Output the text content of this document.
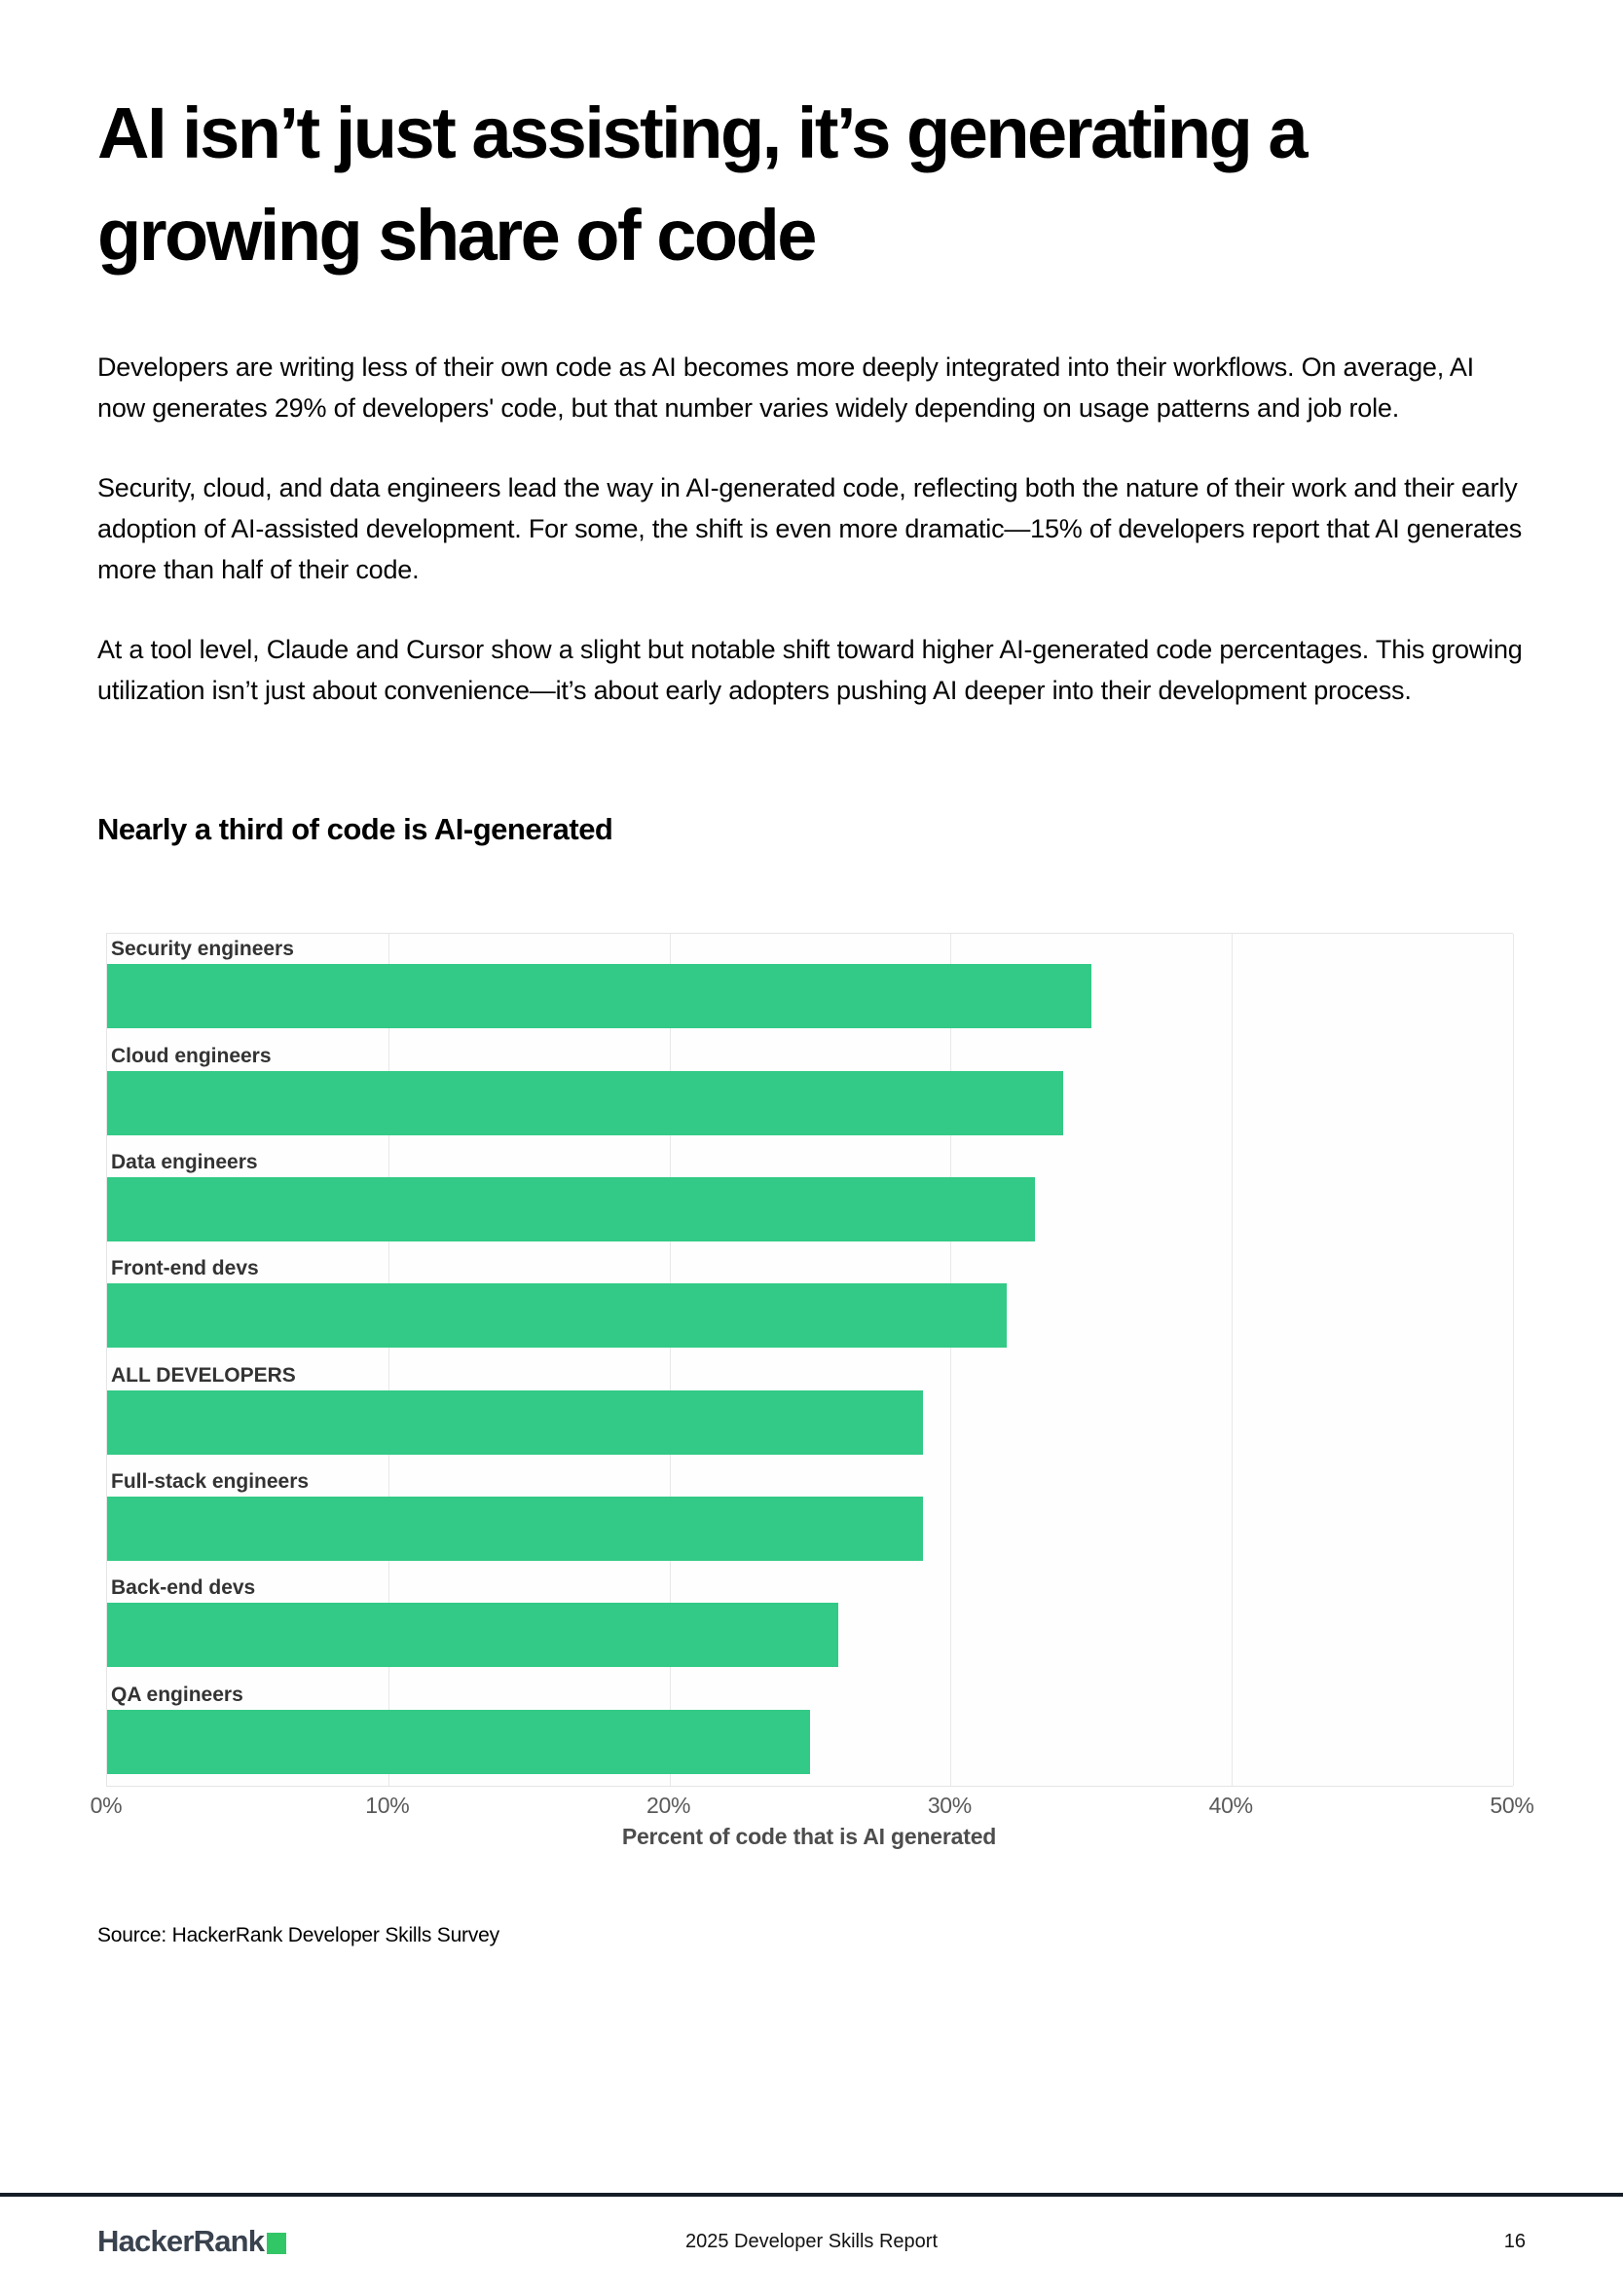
AI isn’t just assisting, it’s generating a
growing share of code

Developers are writing less of their own code as AI becomes more deeply integrated into their workflows. On average, AI now generates 29% of developers' code, but that number varies widely depending on usage patterns and job role.

Security, cloud, and data engineers lead the way in AI-generated code, reflecting both the nature of their work and their early adoption of AI-assisted development. For some, the shift is even more dramatic—15% of developers report that AI generates more than half of their code.

At a tool level, Claude and Cursor show a slight but notable shift toward higher AI-generated code percentages. This growing utilization isn’t just about convenience—it’s about early adopters pushing AI deeper into their development process.

Nearly a third of code is AI-generated
Security engineers
Cloud engineers
Data engineers
Front-end devs
ALL DEVELOPERS
Full-stack engineers
Back-end devs
QA engineers
0%	10%	20%	30%	40%	50%
Percent of code that is AI generated
Source: HackerRank Developer Skills Survey
HackerRank	2025 Developer Skills Report	16
